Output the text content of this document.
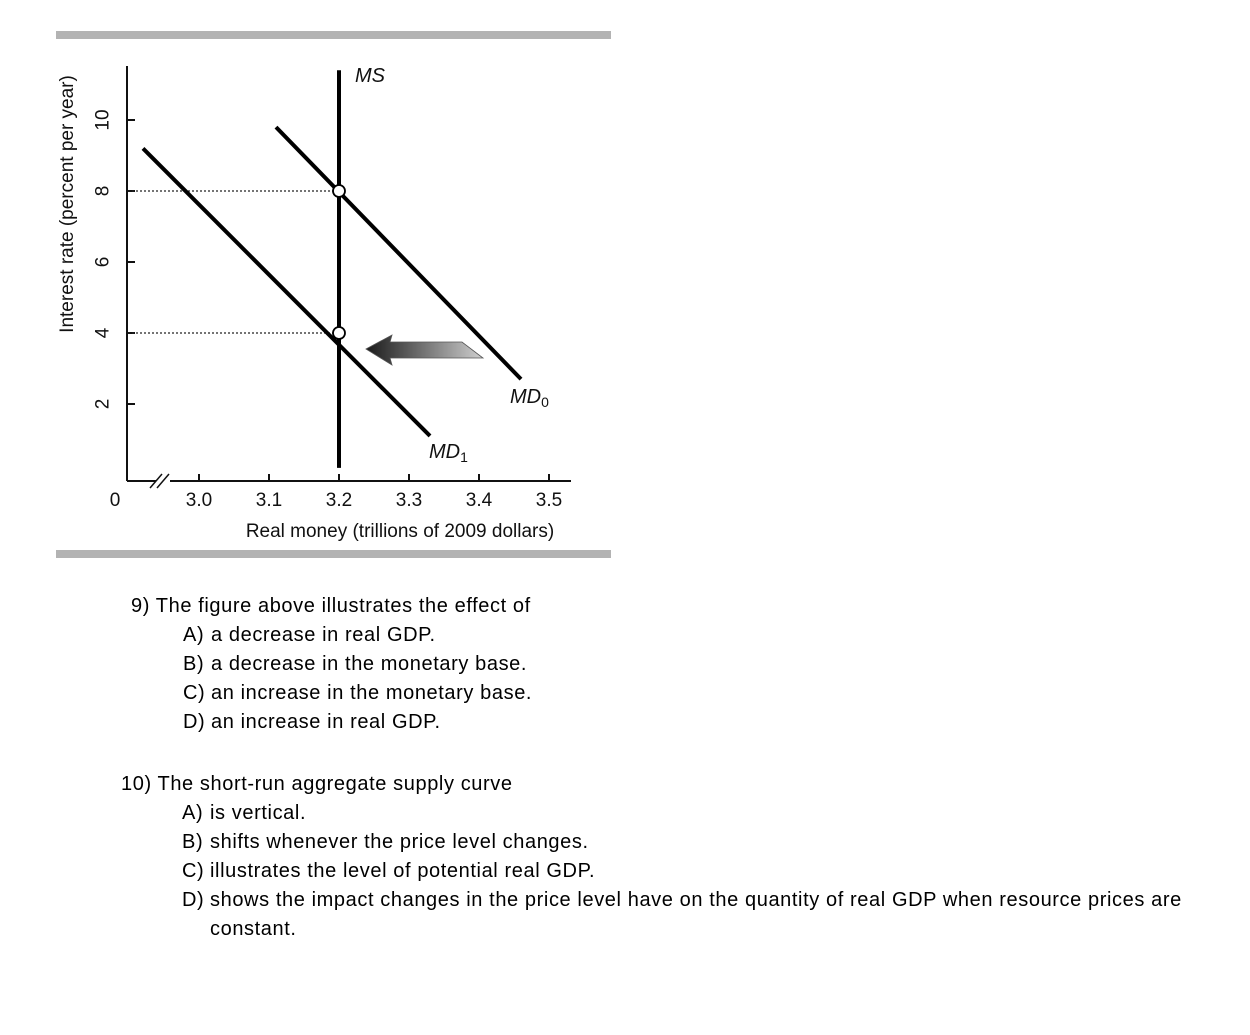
2
4
6
8
10
0	3.0 3.1 3.2 3.3 3.4 3.5
MS
$MD_0$
$MD_1$
Real money (trillions of 2009 dollars)
Interest rate (percent per year)
9) The figure above illustrates the effect of
A) a decrease in real GDP.
B) a decrease in the monetary base.
C) an increase in the monetary base.
D) an increase in real GDP.
10) The short-run aggregate supply curve
A) is vertical.
B) shifts whenever the price level changes.
C) illustrates the level of potential real GDP.
D) shows the impact changes in the price level have on the quantity of real GDP when resource prices are
constant.
